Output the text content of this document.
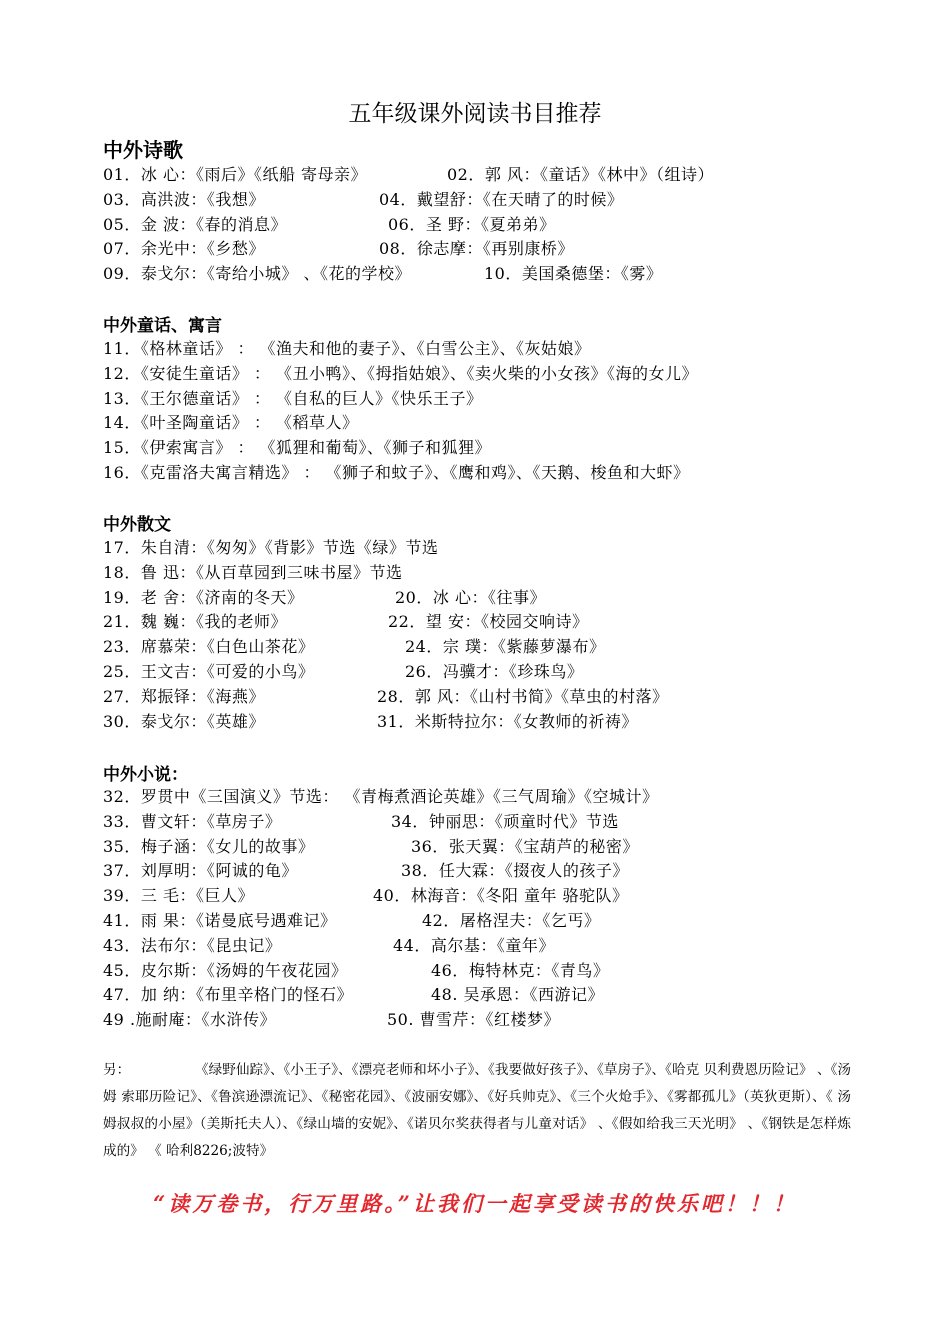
五年级课外阅读书目推荐
中外诗歌
01．冰 心：《雨后》《纸船 寄母亲》	02．郭 风：《童话》《林中》（组诗）
03．高洪波：《我想》	04．戴望舒：《在天晴了的时候》
05．金 波：《春的消息》	06．圣 野：《夏弟弟》
07．余光中：《乡愁》	08．徐志摩：《再别康桥》
09．泰戈尔：《寄给小城》 、《花的学校》	10．美国桑德堡：《雾》
中外童话、寓言
11．《格林童话》 ： 《渔夫和他的妻子》、《白雪公主》、《灰姑娘》
12．《安徒生童话》 ： 《丑小鸭》、《拇指姑娘》、《卖火柴的小女孩》《海的女儿》
13．《王尔德童话》 ： 《自私的巨人》《快乐王子》
14．《叶圣陶童话》 ： 《稻草人》
15．《伊索寓言》 ： 《狐狸和葡萄》、《狮子和狐狸》
16．《克雷洛夫寓言精选》 ： 《狮子和蚊子》、《鹰和鸡》、《天鹅、梭鱼和大虾》
中外散文
17．朱自清：《匆匆》《背影》节选《绿》节选
18．鲁 迅：《从百草园到三味书屋》节选
19．老 舍：《济南的冬天》	20．冰 心：《往事》
21．魏 巍：《我的老师》	22．望 安：《校园交响诗》
23．席慕荣：《白色山茶花》	24．宗 璞：《紫藤萝瀑布》
25．王文吉：《可爱的小鸟》	26．冯骥才：《珍珠鸟》
27．郑振铎：《海燕》	28．郭 风：《山村书简》《草虫的村落》
30．泰戈尔：《英雄》	31．米斯特拉尔：《女教师的祈祷》
中外小说：
32．罗贯中《三国演义》节选： 《青梅煮酒论英雄》《三气周瑜》《空城计》
33．曹文轩：《草房子》	34．钟丽思：《顽童时代》节选
35．梅子涵：《女儿的故事》	36．张天翼：《宝葫芦的秘密》
37．刘厚明：《阿诚的龟》	38．任大霖：《掇夜人的孩子》
39．三 毛：《巨人》	40．林海音：《冬阳 童年 骆驼队》
41．雨 果：《诺曼底号遇难记》	42．屠格涅夫：《乞丐》
43．法布尔：《昆虫记》	44．高尔基：《童年》
45．皮尔斯：《汤姆的午夜花园》	46．梅特林克：《青鸟》
47．加 纳：《布里辛格门的怪石》	48. 吴承恩：《西游记》
49 .施耐庵：《水浒传》	50. 曹雪芹：《红楼梦》
另：	《绿野仙踪》、《小王子》、《漂亮老师和坏小子》、《我要做好孩子》、《草房子》、《哈克 贝利费恩历险记》 、《汤姆 索耶历险记》、《鲁滨逊漂流记》、《秘密花园》、《波丽安娜》、《好兵帅克》、《三个火炝手》、《雾都孤儿》（英狄更斯）、《 汤姆叔叔的小屋》（美斯托夫人）、《绿山墙的安妮》、《诺贝尔奖获得者与儿童对话》 、《假如给我三天光明》 、《钢铁是怎样炼成的》 《 哈利8226;波特》
“读万卷书，行万里路。”让我们一起享受读书的快乐吧！！！
